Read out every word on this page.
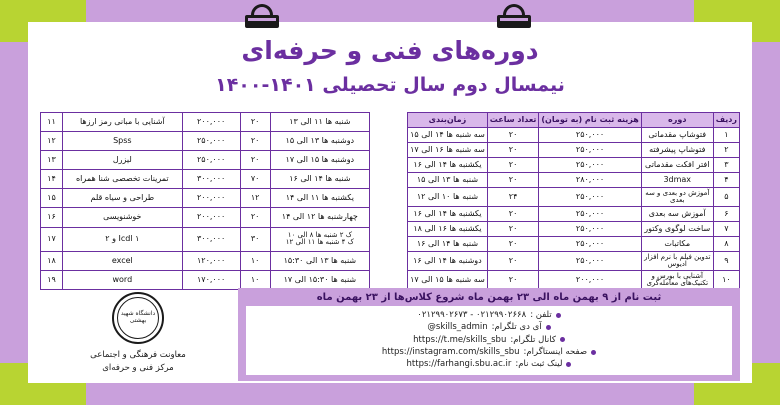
دوره‌های فنی و حرفه‌ای
نیمسال دوم سال تحصیلی ۱۴۰۱-۱۴۰۰
ردیف	دوره	هزینه ثبت نام (به تومان)	تعداد ساعت	زمان‌بندی
۱	فتوشاپ مقدماتی	۲۵۰,۰۰۰	۲۰	سه شنبه ها ۱۴ الی ۱۵
۲	فتوشاپ پیشرفته	۲۵۰,۰۰۰	۲۰	سه شنبه ها ۱۶ الی ۱۷
۳	افتر افکت مقدماتی	۲۵۰,۰۰۰	۲۰	یکشنبه ها ۱۴ الی ۱۶
۴	3dmax	۲۸۰,۰۰۰	۲۰	شنبه ها ۱۳ الی ۱۵
۵	آموزش دو بعدی و سه بعدی	۲۵۰,۰۰۰	۲۴	شنبه ها ۱۰ الی ۱۲
۶	آموزش سه بعدی	۲۵۰,۰۰۰	۲۰	یکشنبه ها ۱۴ الی ۱۶
۷	ساخت لوگوی وکتور	۲۵۰,۰۰۰	۲۰	یکشنبه ها ۱۶ الی ۱۸
۸	مکاتبات	۲۵۰,۰۰۰	۲۰	شنبه ها ۱۴ الی ۱۶
۹	تدوین فیلم با نرم افزار ادیوس	۲۵۰,۰۰۰	۲۰	دوشنبه ها ۱۴ الی ۱۶
۱۰	آشنایی با بورس و تکنیک‌های معامله‌گری	۲۰۰,۰۰۰	۲۰	سه شنبه ها ۱۵ الی ۱۷
شنبه ها ۱۱ الی ۱۳	۲۰	۲۰۰,۰۰۰	آشنایی با مبانی رمز ارزها	۱۱
دوشنبه ها ۱۳ الی ۱۵	۲۰	۲۵۰,۰۰۰	Spss	۱۲
دوشنبه ها ۱۵ الی ۱۷	۲۰	۲۵۰,۰۰۰	لیزرل	۱۳
شنبه ها ۱۴ الی ۱۶	۷۰	۳۰۰,۰۰۰	تمرینات تخصصی شنا همراه	۱۴
یکشنبه ها ۱۱ الی ۱۴	۱۲	۲۰۰,۰۰۰	طراحی و سیاه قلم	۱۵
چهارشنبه ها ۱۲ الی ۱۴	۲۰	۲۰۰,۰۰۰	خوشنویسی	۱۶

ک ۲ شنبه ها ۸ الی ۱۰
ک ۴ شنبه ها ۱۱ الی ۱۲	۳۰	۳۰۰,۰۰۰	Icdl ۱ و ۲	۱۷
شنبه ها ۱۳ الی ۱۵:۳۰	۱۰	۱۲۰,۰۰۰	excel	۱۸
شنبه ها ۱۵:۳۰ الی ۱۷	۱۰	۱۷۰,۰۰۰	word	۱۹
ثبت نام از ۹ بهمن ماه الی ۲۳ بهمن ماه شروع کلاس‌ها از ۲۳ بهمن ماه
تلفن :
۰۲۱۲۹۹۰۲۶۷۳ - ۰۲۱۲۹۹۰۲۶۶۸
آی دی تلگرام:
@skills_admin
کانال تلگرام:
https://t.me/skills_sbu
صفحه اینستاگرام:
https://instagram.com/skills_sbu
لینک ثبت نام:
https://farhangi.sbu.ac.ir
دانشگاه شهید بهشتی
معاونت فرهنگی و اجتماعی
مرکز فنی و حرفه‌ای
